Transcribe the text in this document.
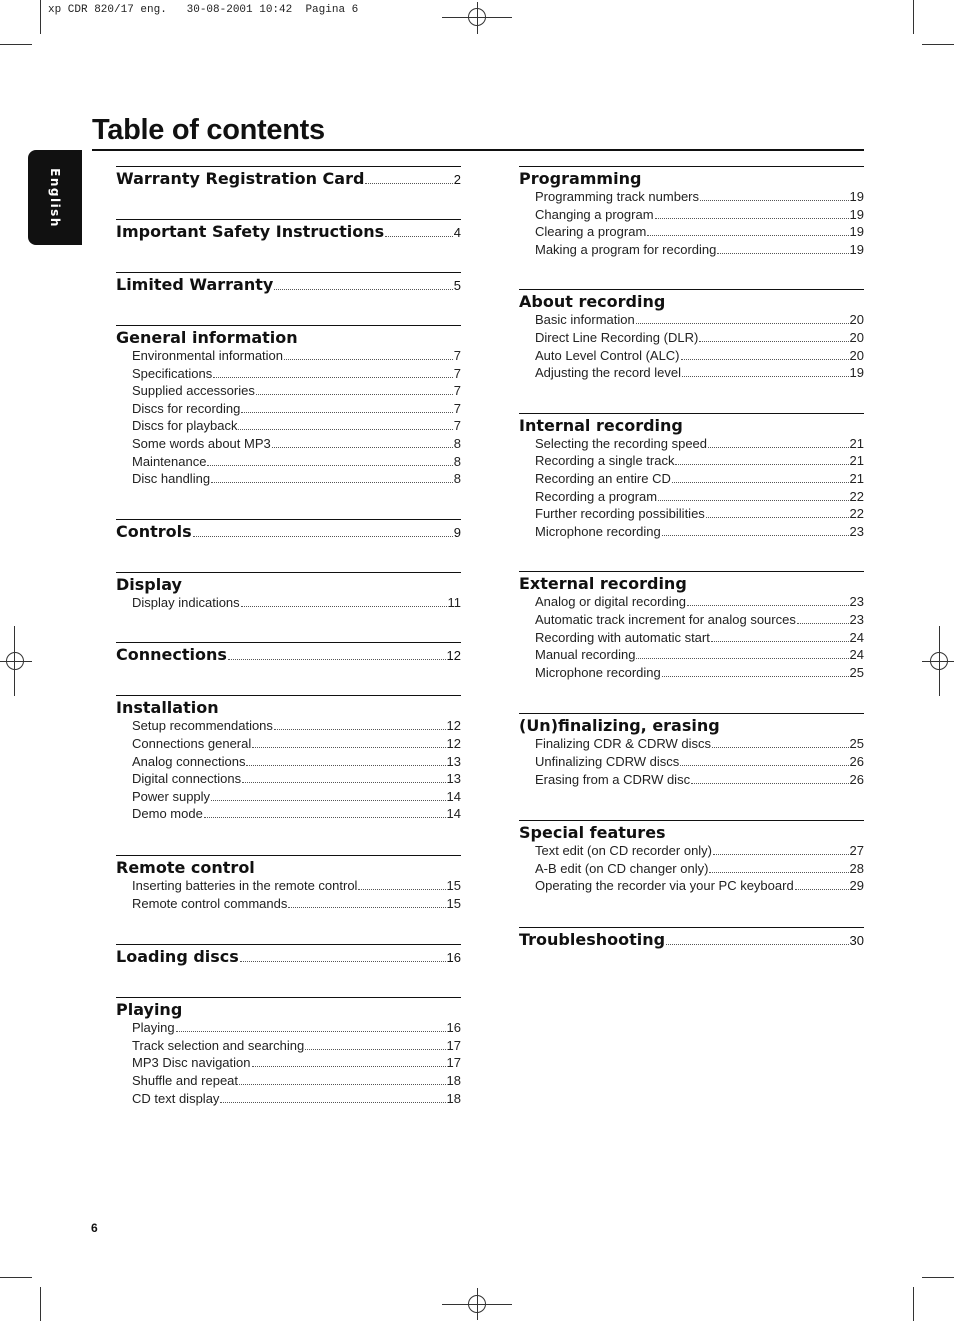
xp CDR 820/17 eng.   30-08-2001 10:42  Pagina 6
English
Table of contents
Warranty Registration Card	2
Important Safety Instructions	4
Limited Warranty	5
General information
Environmental information	7
Specifications	7
Supplied accessories	7
Discs for recording	7
Discs for playback	7
Some words about MP3	8
Maintenance	8
Disc handling	8
Controls	9
Display
Display indications	11
Connections	12
Installation
Setup recommendations	12
Connections general	12
Analog connections	13
Digital connections	13
Power supply	14
Demo mode	14
Remote control
Inserting batteries in the remote control	15
Remote control commands	15
Loading discs	16
Playing
Playing	16
Track selection and searching	17
MP3 Disc navigation	17
Shuffle and repeat	18
CD text display	18
Programming
Programming track numbers	19
Changing a program	19
Clearing a program	19
Making a program for recording	19
About recording
Basic information	20
Direct Line Recording (DLR)	20
Auto Level Control (ALC)	20
Adjusting the record level	19
Internal recording
Selecting the recording speed	21
Recording a single track	21
Recording an entire CD	21
Recording a program	22
Further recording possibilities	22
Microphone recording	23
External recording
Analog or digital recording	23
Automatic track increment for analog sources	23
Recording with automatic start	24
Manual recording	24
Microphone recording	25
(Un)finalizing, erasing
Finalizing CDR & CDRW discs	25
Unfinalizing CDRW discs	26
Erasing from a CDRW disc	26
Special features
Text edit (on CD recorder only)	27
A-B edit (on CD changer only)	28
Operating the recorder via your PC keyboard	29
Troubleshooting	30
6
